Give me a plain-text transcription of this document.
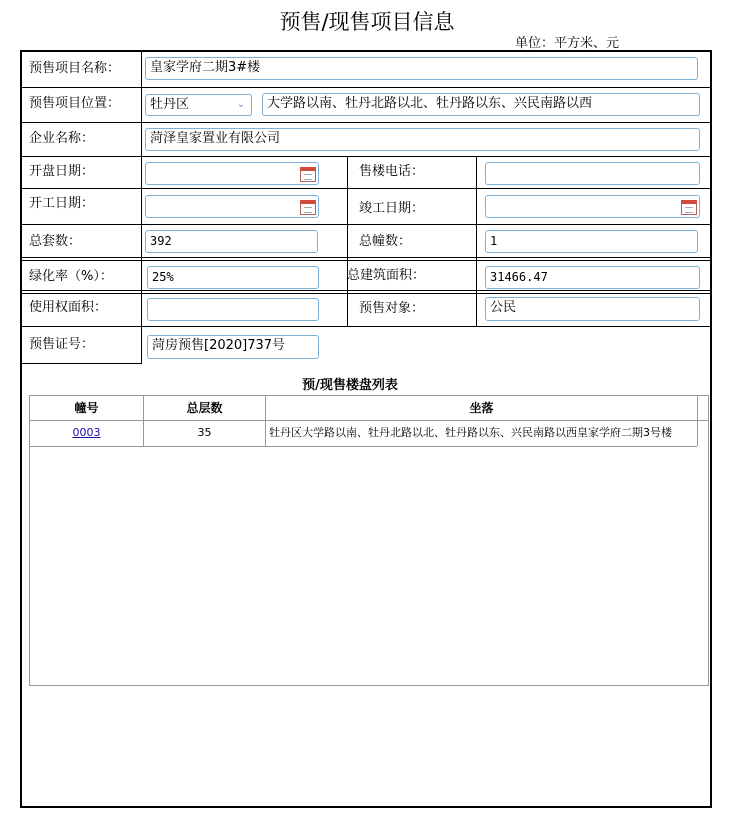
预售/现售项目信息
单位：平方米、元
预售项目名称：	皇家学府二期3#楼
预售项目位置：	牡丹区	⌄	大学路以南、牡丹北路以北、牡丹路以东、兴民南路以西
企业名称：	菏泽皇家置业有限公司
开盘日期：	售楼电话：
开工日期：	竣工日期：
总套数：	392	总幢数：	1
绿化率（%）：	25%	总建筑面积：	31466.47
使用权面积：	预售对象：	公民
预售证号：	菏房预售[2020]737号
预/现售楼盘列表
幢号	总层数	坐落
0003	35	牡丹区大学路以南、牡丹北路以北、牡丹路以东、兴民南路以西皇家学府二期3号楼
